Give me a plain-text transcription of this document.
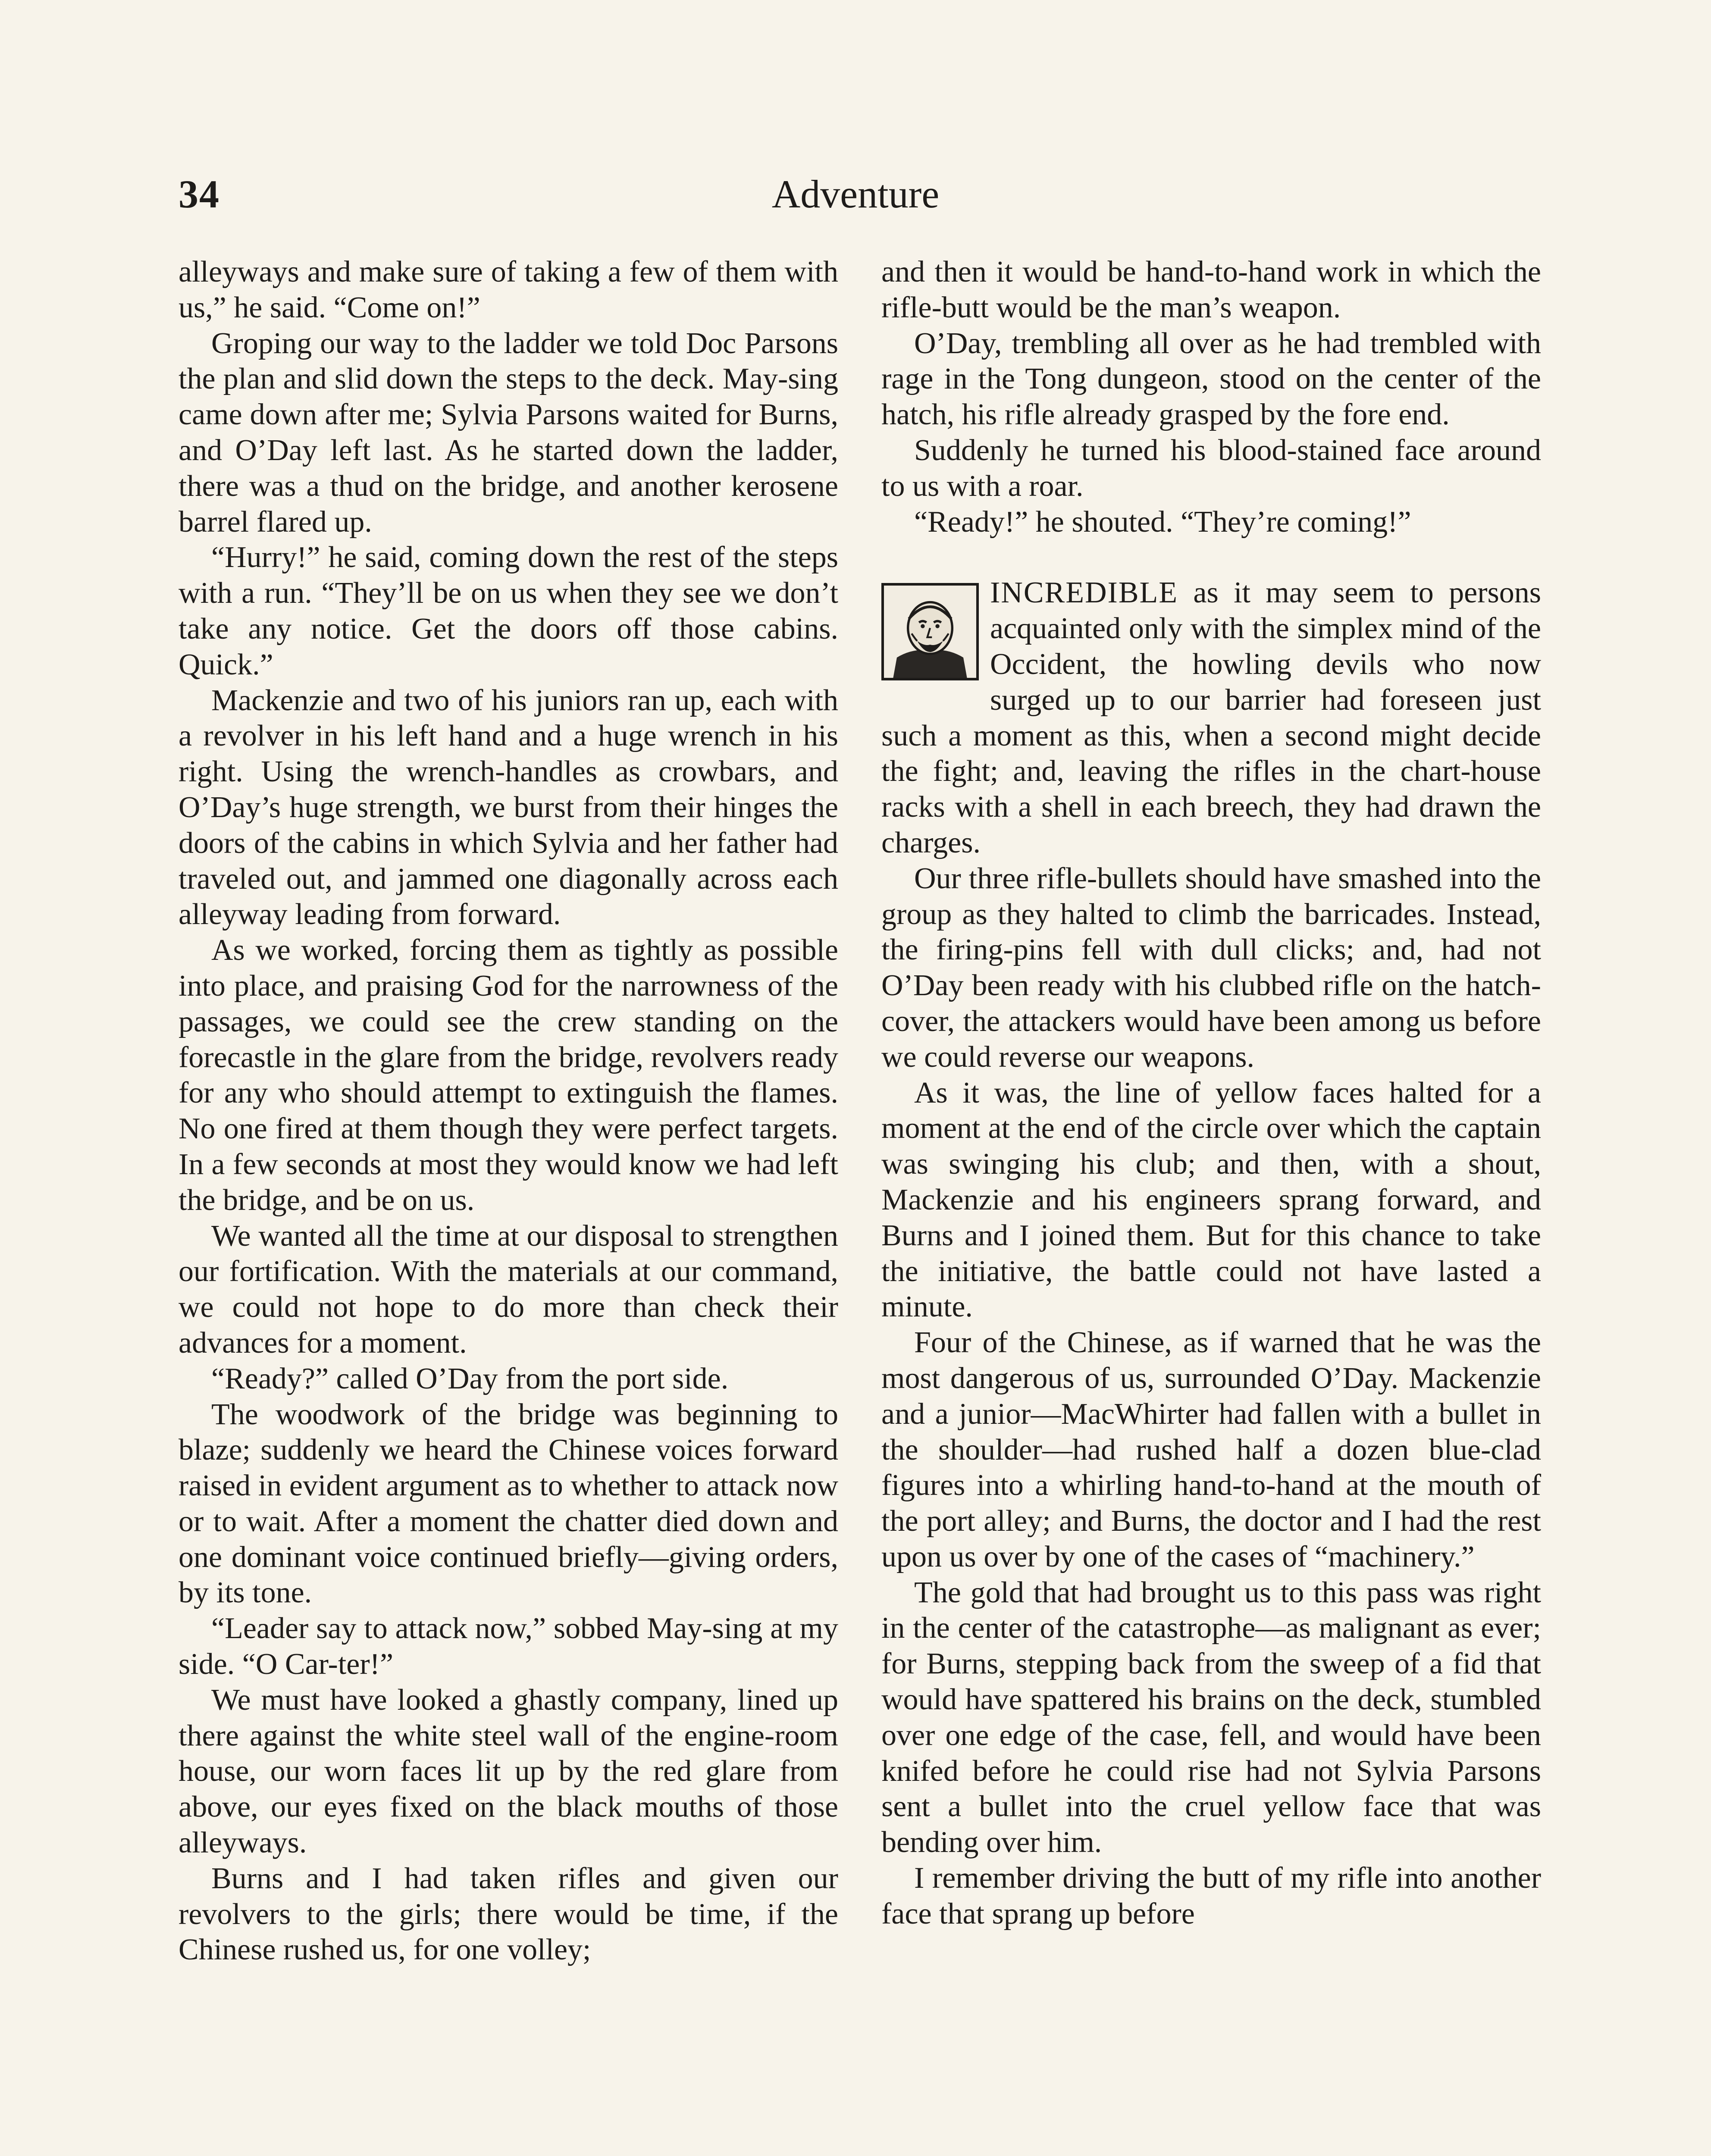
34	Adventure

alleyways and make sure of taking a few of them with us,” he said. “Come on!”

Groping our way to the ladder we told Doc Parsons the plan and slid down the steps to the deck. May-sing came down after me; Sylvia Parsons waited for Burns, and O’Day left last. As he started down the ladder, there was a thud on the bridge, and another kerosene barrel flared up.

“Hurry!” he said, coming down the rest of the steps with a run. “They’ll be on us when they see we don’t take any notice. Get the doors off those cabins. Quick.”

Mackenzie and two of his juniors ran up, each with a revolver in his left hand and a huge wrench in his right. Using the wrench-handles as crowbars, and O’Day’s huge strength, we burst from their hinges the doors of the cabins in which Sylvia and her father had traveled out, and jammed one diagonally across each alleyway leading from forward.

As we worked, forcing them as tightly as possible into place, and praising God for the narrowness of the passages, we could see the crew standing on the forecastle in the glare from the bridge, revolvers ready for any who should attempt to extinguish the flames. No one fired at them though they were perfect targets. In a few seconds at most they would know we had left the bridge, and be on us.

We wanted all the time at our disposal to strengthen our fortification. With the materials at our command, we could not hope to do more than check their advances for a moment.

“Ready?” called O’Day from the port side.

The woodwork of the bridge was beginning to blaze; suddenly we heard the Chinese voices forward raised in evident argument as to whether to attack now or to wait. After a moment the chatter died down and one dominant voice continued briefly—giving orders, by its tone.

“Leader say to attack now,” sobbed May-sing at my side. “O Car-ter!”

We must have looked a ghastly company, lined up there against the white steel wall of the engine-room house, our worn faces lit up by the red glare from above, our eyes fixed on the black mouths of those alleyways.

Burns and I had taken rifles and given our revolvers to the girls; there would be time, if the Chinese rushed us, for one volley;

and then it would be hand-to-hand work in which the rifle-butt would be the man’s weapon.

O’Day, trembling all over as he had trembled with rage in the Tong dungeon, stood on the center of the hatch, his rifle already grasped by the fore end.

Suddenly he turned his blood-stained face around to us with a roar.

“Ready!” he shouted. “They’re coming!”

INCREDIBLE as it may seem to persons acquainted only with the simplex mind of the Occident, the howling devils who now surged up to our barrier had foreseen just such a moment as this, when a second might decide the fight; and, leaving the rifles in the chart-house racks with a shell in each breech, they had drawn the charges.

Our three rifle-bullets should have smashed into the group as they halted to climb the barricades. Instead, the firing-pins fell with dull clicks; and, had not O’Day been ready with his clubbed rifle on the hatch-cover, the attackers would have been among us before we could reverse our weapons.

As it was, the line of yellow faces halted for a moment at the end of the circle over which the captain was swinging his club; and then, with a shout, Mackenzie and his engineers sprang forward, and Burns and I joined them. But for this chance to take the initiative, the battle could not have lasted a minute.

Four of the Chinese, as if warned that he was the most dangerous of us, surrounded O’Day. Mackenzie and a junior—MacWhirter had fallen with a bullet in the shoulder—had rushed half a dozen blue-clad figures into a whirling hand-to-hand at the mouth of the port alley; and Burns, the doctor and I had the rest upon us over by one of the cases of “machinery.”

The gold that had brought us to this pass was right in the center of the catastrophe—as malignant as ever; for Burns, stepping back from the sweep of a fid that would have spattered his brains on the deck, stumbled over one edge of the case, fell, and would have been knifed before he could rise had not Sylvia Parsons sent a bullet into the cruel yellow face that was bending over him.

I remember driving the butt of my rifle into another face that sprang up before
